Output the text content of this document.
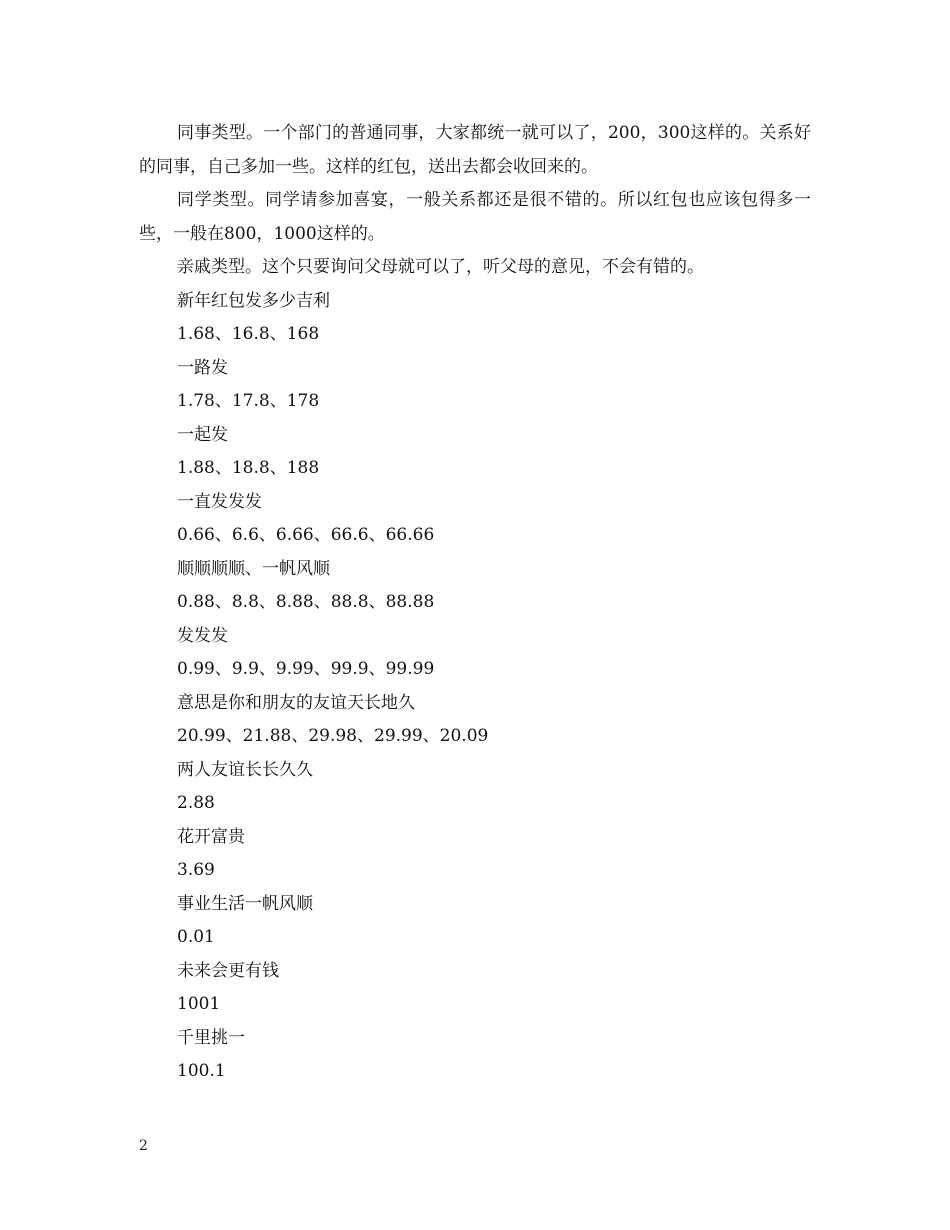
同事类型。一个部门的普通同事，大家都统一就可以了，200，300这样的。关系好的同事，自己多加一些。这样的红包，送出去都会收回来的。

同学类型。同学请参加喜宴，一般关系都还是很不错的。所以红包也应该包得多一些，一般在800，1000这样的。

亲戚类型。这个只要询问父母就可以了，听父母的意见，不会有错的。

新年红包发多少吉利

1.68、16.8、168

一路发

1.78、17.8、178

一起发

1.88、18.8、188

一直发发发

0.66、6.6、6.66、66.6、66.66

顺顺顺顺、一帆风顺

0.88、8.8、8.88、88.8、88.88

发发发

0.99、9.9、9.99、99.9、99.99

意思是你和朋友的友谊天长地久

20.99、21.88、29.98、29.99、20.09

两人友谊长长久久

2.88

花开富贵

3.69

事业生活一帆风顺

0.01

未来会更有钱

1001

千里挑一

100.1

2
